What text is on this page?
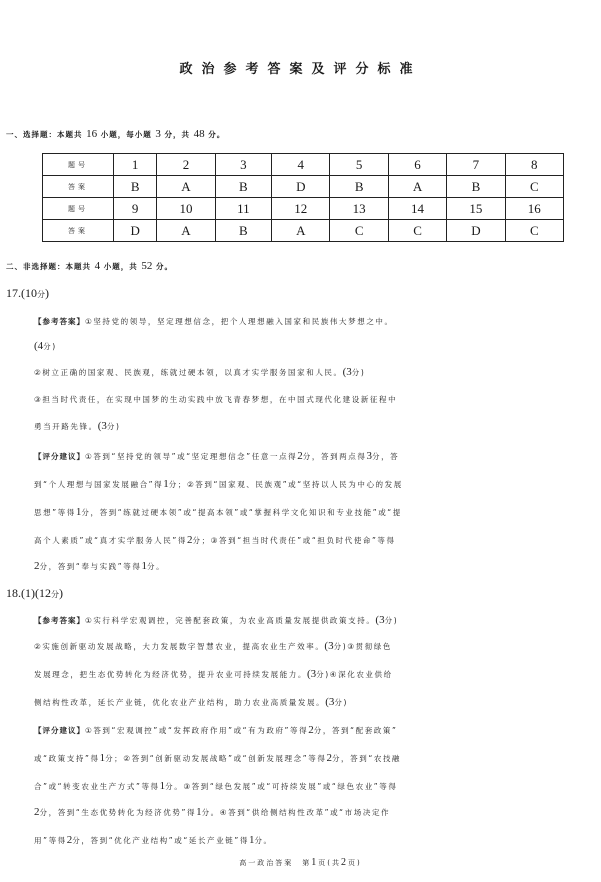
政治参考答案及评分标准
一、选择题：本题共 16 小题，每小题 3 分，共 48 分。
题号	1	2	3	4	5	6	7	8
答案	B	A	B	D	B	A	B	C
题号	9	10	11	12	13	14	15	16
答案	D	A	B	A	C	C	D	C
二、非选择题：本题共 4 小题，共 52 分。
17.(10分)
【参考答案】①坚持党的领导，坚定理想信念，把个人理想融入国家和民族伟大梦想之中。
(4分)
②树立正确的国家观、民族观，练就过硬本领，以真才实学服务国家和人民。(3分)
③担当时代责任，在实现中国梦的生动实践中放飞青春梦想，在中国式现代化建设新征程中
勇当开路先锋。(3分)
【评分建议】①答到“坚持党的领导”或“坚定理想信念”任意一点得2分，答到两点得3分，答
到“个人理想与国家发展融合”得1分；②答到“国家观、民族观”或“坚持以人民为中心的发展
思想”等得1分，答到“练就过硬本领”或“提高本领”或“掌握科学文化知识和专业技能”或“提
高个人素质”或“真才实学服务人民”得2分；③答到“担当时代责任”或“担负时代使命”等得
2分，答到“奉与实践”等得1分。
18.(1)(12分)
【参考答案】①实行科学宏观调控，完善配套政策，为农业高质量发展提供政策支持。(3分)
②实施创新驱动发展战略，大力发展数字智慧农业，提高农业生产效率。(3分)③贯彻绿色
发展理念，把生态优势转化为经济优势，提升农业可持续发展能力。(3分)④深化农业供给
侧结构性改革，延长产业链，优化农业产业结构，助力农业高质量发展。(3分)
【评分建议】①答到“宏观调控”或“发挥政府作用”或“有为政府”等得2分，答到“配套政策”
或“政策支持”得1分；②答到“创新驱动发展战略”或“创新发展理念”等得2分，答到“农技融
合”或“转变农业生产方式”等得1分。③答到“绿色发展”或“可持续发展”或“绿色农业”等得
2分，答到“生态优势转化为经济优势”得1分。④答到“供给侧结构性改革”或“市场决定作
用”等得2分，答到“优化产业结构”或“延长产业链”得1分。
高一政治答案　第1页(共2页)
